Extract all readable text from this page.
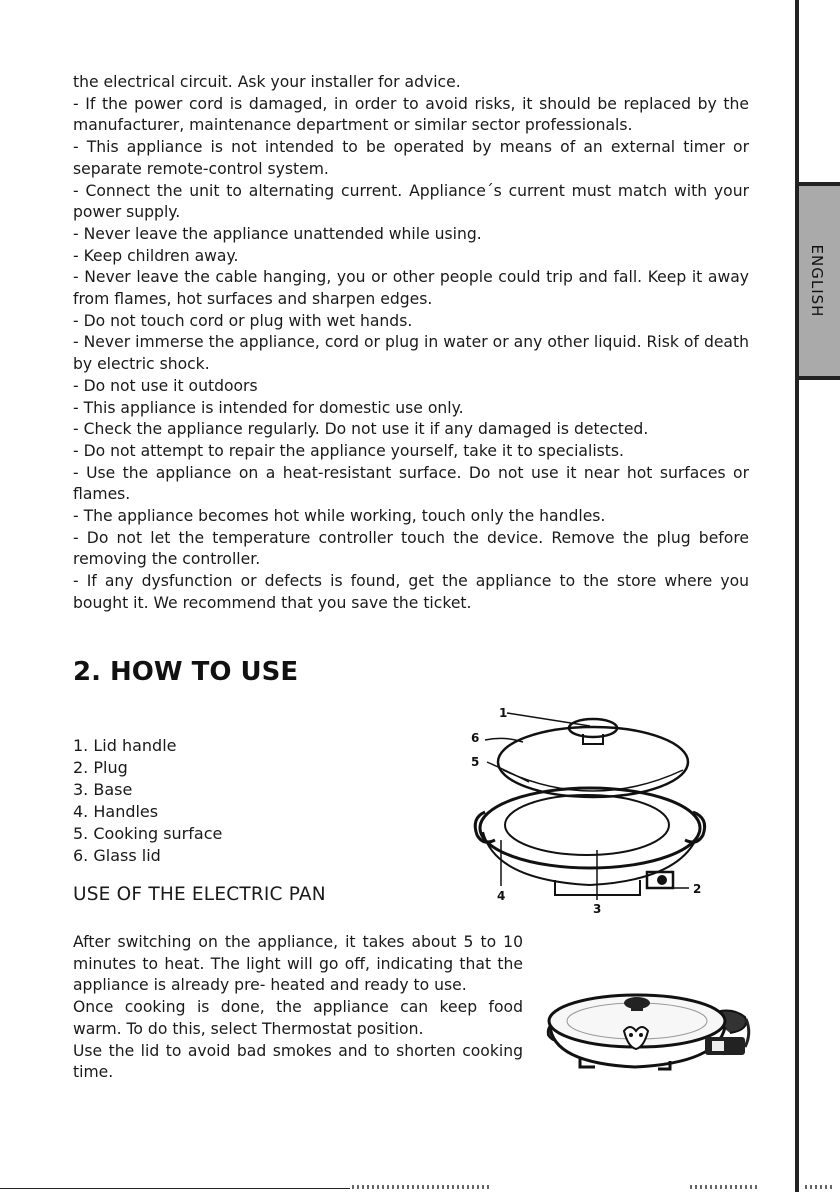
ENGLISH

the electrical circuit. Ask your installer for advice.

- If the power cord is damaged, in order to avoid risks, it should be replaced by the manufacturer, maintenance department or similar sector professionals.

- This appliance is not intended to be operated by means of an external timer or separate remote-control system.

- Connect the unit to alternating current. Appliance´s current must match with your power supply.

- Never leave the appliance unattended while using.

- Keep children away.

- Never leave the cable hanging, you or other people could trip and fall. Keep it away from flames, hot surfaces and sharpen edges.

- Do not touch cord or plug with wet hands.

- Never immerse the appliance, cord or plug in water or any other liquid. Risk of death by electric shock.

- Do not use it outdoors

- This appliance is intended for domestic use only.

- Check the appliance regularly. Do not use it if any damaged is detected.

- Do not attempt to repair the appliance yourself, take it to specialists.

- Use the appliance on a heat-resistant surface. Do not use it near hot surfaces or flames.

- The appliance becomes hot while working, touch only the handles.

- Do not let the temperature controller touch the device. Remove the plug before removing the controller.

- If any dysfunction or defects is found, get the appliance to the store where you bought it. We recommend that you save the ticket.

2. HOW TO USE
1. Lid handle
2. Plug
3. Base
4. Handles
5. Cooking surface
6. Glass lid
1
2
3
4
5
6
USE OF THE ELECTRIC PAN

After switching on the appliance, it takes about 5 to 10 minutes to heat. The light will go off, indicating that the appliance is already pre- heated and ready to use.

Once cooking is done, the appliance can keep food warm. To do this, select Thermostat position.

Use the lid to avoid bad smokes and to shorten cooking time.
